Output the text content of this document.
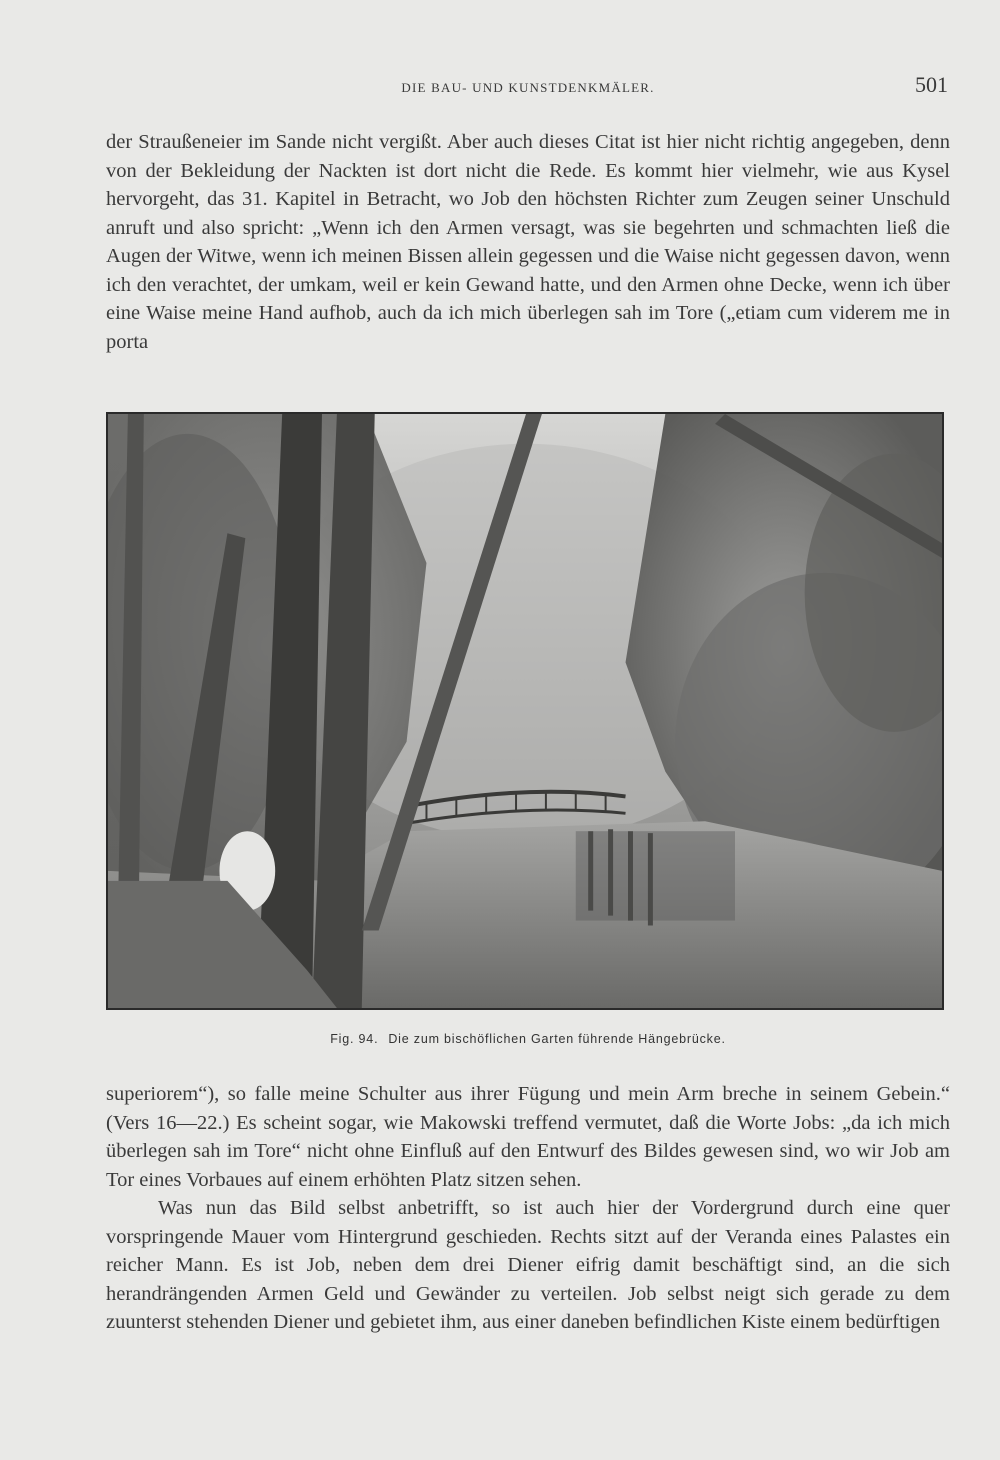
DIE BAU- UND KUNSTDENKMÄLER.	501

der Straußeneier im Sande nicht vergißt. Aber auch dieses Citat ist hier nicht richtig angegeben, denn von der Bekleidung der Nackten ist dort nicht die Rede. Es kommt hier vielmehr, wie aus Kysel hervorgeht, das 31. Kapitel in Betracht, wo Job den höchsten Richter zum Zeugen seiner Unschuld anruft und also spricht: „Wenn ich den Armen versagt, was sie begehrten und schmachten ließ die Augen der Witwe, wenn ich meinen Bissen allein gegessen und die Waise nicht gegessen davon, wenn ich den verachtet, der umkam, weil er kein Gewand hatte, und den Armen ohne Decke, wenn ich über eine Waise meine Hand aufhob, auch da ich mich überlegen sah im Tore („etiam cum viderem me in porta

Fig. 94. Die zum bischöflichen Garten führende Hängebrücke.

superiorem“), so falle meine Schulter aus ihrer Fügung und mein Arm breche in seinem Gebein.“ (Vers 16—22.) Es scheint sogar, wie Makowski treffend vermutet, daß die Worte Jobs: „da ich mich überlegen sah im Tore“ nicht ohne Einfluß auf den Entwurf des Bildes gewesen sind, wo wir Job am Tor eines Vorbaues auf einem erhöhten Platz sitzen sehen.

Was nun das Bild selbst anbetrifft, so ist auch hier der Vordergrund durch eine quer vorspringende Mauer vom Hintergrund geschieden. Rechts sitzt auf der Veranda eines Palastes ein reicher Mann. Es ist Job, neben dem drei Diener eifrig damit beschäftigt sind, an die sich herandrängenden Armen Geld und Gewänder zu verteilen. Job selbst neigt sich gerade zu dem zuunterst stehenden Diener und gebietet ihm, aus einer daneben befindlichen Kiste einem bedürftigen
